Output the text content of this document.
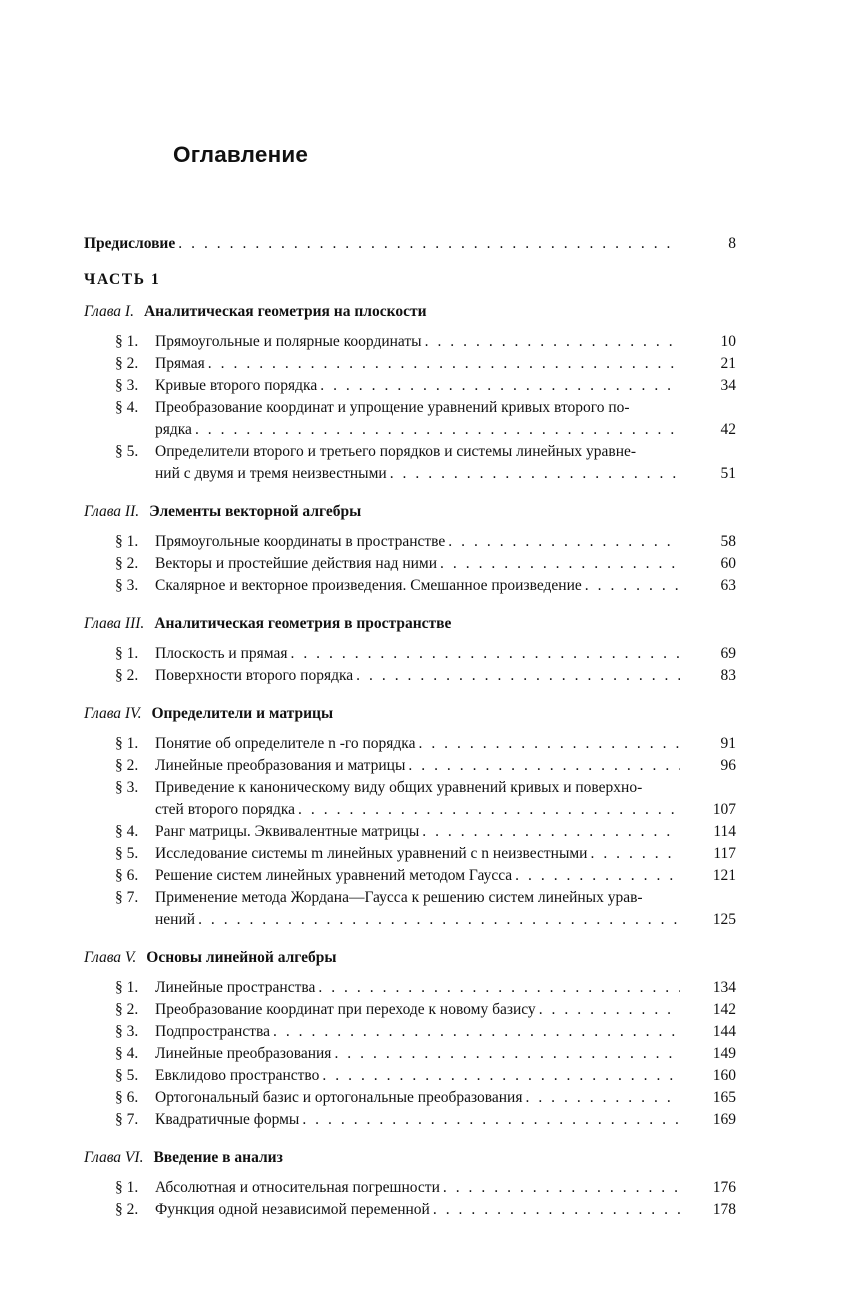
Оглавление
Предисловие . . .	8
ЧАСТЬ 1
Глава I. Аналитическая геометрия на плоскости
§ 1.	Прямоугольные и полярные координаты . . .	10
§ 2.	Прямая . . .	21
§ 3.	Кривые второго порядка . . .	34
§ 4.	Преобразование координат и упрощение уравнений кривых второго по-
рядка . . .	42
§ 5.	Определители второго и третьего порядков и системы линейных уравне-
ний с двумя и тремя неизвестными . . .	51
Глава II. Элементы векторной алгебры
§ 1.	Прямоугольные координаты в пространстве . . .	58
§ 2.	Векторы и простейшие действия над ними . . .	60
§ 3.	Скалярное и векторное произведения. Смешанное произведение . . .	63
Глава III. Аналитическая геометрия в пространстве
§ 1.	Плоскость и прямая . . .	69
§ 2.	Поверхности второго порядка . . .	83
Глава IV. Определители и матрицы
§ 1.	Понятие об определителе n -го порядка . . .	91
§ 2.	Линейные преобразования и матрицы . . .	96
§ 3.	Приведение к каноническому виду общих уравнений кривых и поверхно-
стей второго порядка . . .	107
§ 4.	Ранг матрицы. Эквивалентные матрицы . . .	114
§ 5.	Исследование системы m линейных уравнений с n неизвестными . . .	117
§ 6.	Решение систем линейных уравнений методом Гаусса . . .	121
§ 7.	Применение метода Жордана—Гаусса к решению систем линейных урав-
нений . . .	125
Глава V. Основы линейной алгебры
§ 1.	Линейные пространства . . .	134
§ 2.	Преобразование координат при переходе к новому базису . . .	142
§ 3.	Подпространства . . .	144
§ 4.	Линейные преобразования . . .	149
§ 5.	Евклидово пространство . . .	160
§ 6.	Ортогональный базис и ортогональные преобразования . . .	165
§ 7.	Квадратичные формы . . .	169
Глава VI. Введение в анализ
§ 1.	Абсолютная и относительная погрешности . . .	176
§ 2.	Функция одной независимой переменной . . .	178
